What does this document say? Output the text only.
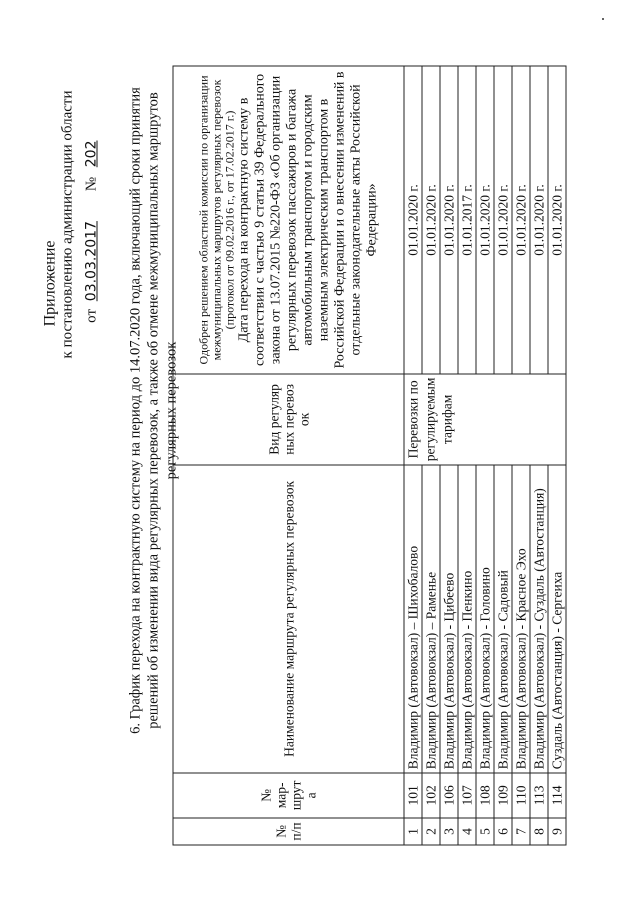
Приложение к постановлению администрации области от 03.03.2017 № 202 6. График перехода на контрактную систему на период до 14.07.2020 года, включающий сроки принятия решений об изменении вида регулярных перевозок, а также об отмене межмуниципальных маршрутов регулярных перевозок
№ п/п	№ мар-шрут а	Наименование маршрута регулярных перевозок	Вид регуляр ных перевоз ок	Одобрен решением областной комиссии по организации межмуниципальных маршрутов регулярных перевозок (протокол от 09.02.2016 г., от 17.02.2017 г.) Дата перехода на контрактную систему в соответствии с частью 9 статьи 39 Федерального закона от 13.07.2015 №220-ФЗ «Об организации регулярных перевозок пассажиров и багажа автомобильным транспортом и городским наземным электрическим транспортом в Российской Федерации и о внесении изменений в отдельные законодательные акты Российской Федерации»

1	101	Владимир (Автовокзал) – Шихобалово	Перевозки по регулируемым тарифам	01.01.2020 г.
2	102	Владимир (Автовокзал) – Раменье		01.01.2020 г.
3	106	Владимир (Автовокзал) - Цибеево		01.01.2020 г.
4	107	Владимир (Автовокзал) - Пенкино		01.01.2017 г.
5	108	Владимир (Автовокзал) - Головино		01.01.2020 г.
6	109	Владимир (Автовокзал) - Садовый		01.01.2020 г.
7	110	Владимир (Автовокзал) - Красное Эхо		01.01.2020 г.
8	113	Владимир (Автовокзал) - Суздаль (Автостанция)		01.01.2020 г.
9	114	Суздаль (Автостанция) - Сергеиха		01.01.2020 г.
